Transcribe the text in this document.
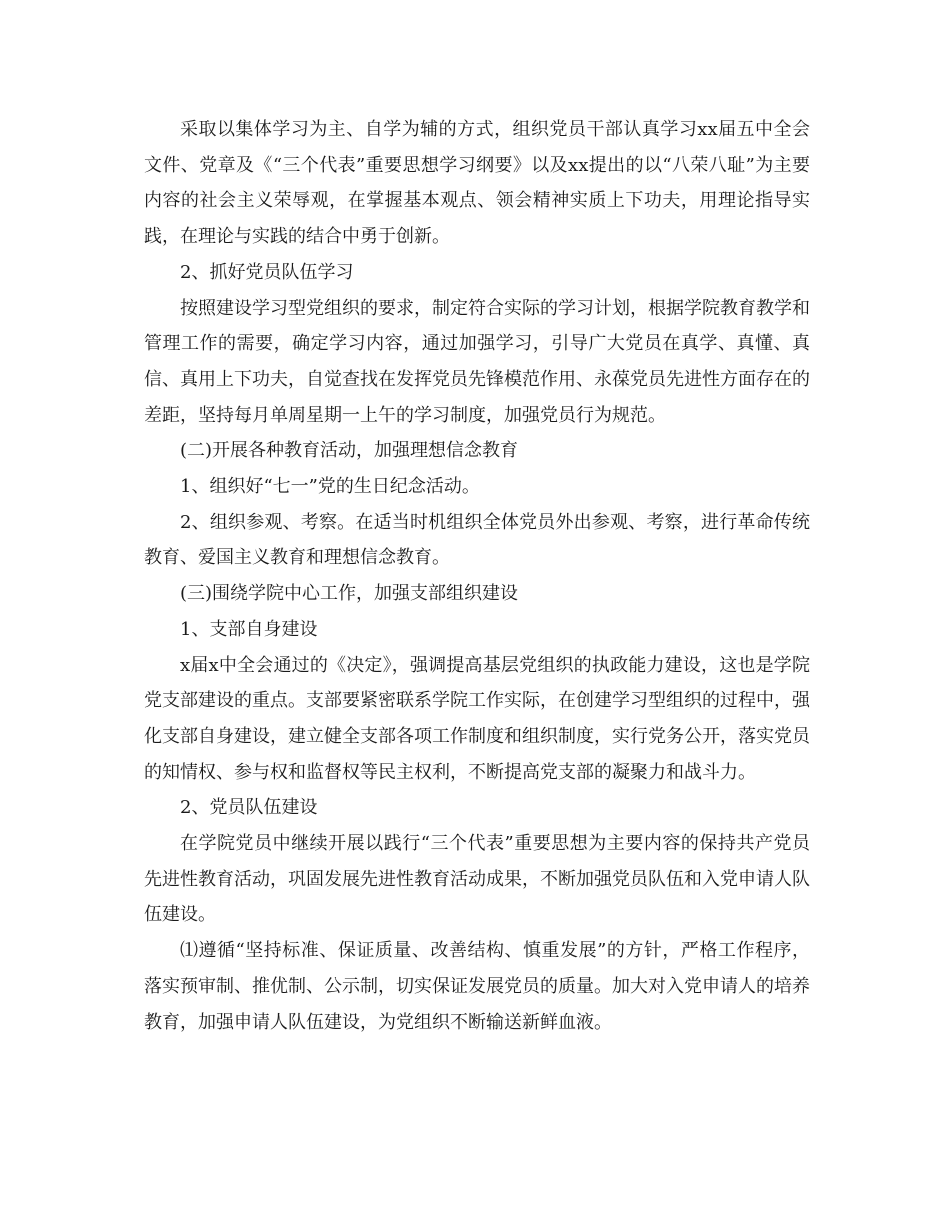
采取以集体学习为主、自学为辅的方式，组织党员干部认真学习xx届五中全会文件、党章及《“三个代表”重要思想学习纲要》以及xx提出的以“八荣八耻”为主要内容的社会主义荣辱观，在掌握基本观点、领会精神实质上下功夫，用理论指导实践，在理论与实践的结合中勇于创新。

2、抓好党员队伍学习

按照建设学习型党组织的要求，制定符合实际的学习计划，根据学院教育教学和管理工作的需要，确定学习内容，通过加强学习，引导广大党员在真学、真懂、真信、真用上下功夫，自觉查找在发挥党员先锋模范作用、永葆党员先进性方面存在的差距，坚持每月单周星期一上午的学习制度，加强党员行为规范。

(二)开展各种教育活动，加强理想信念教育

1、组织好“七一”党的生日纪念活动。

2、组织参观、考察。在适当时机组织全体党员外出参观、考察，进行革命传统教育、爱国主义教育和理想信念教育。

(三)围绕学院中心工作，加强支部组织建设

1、支部自身建设

x届x中全会通过的《决定》，强调提高基层党组织的执政能力建设，这也是学院党支部建设的重点。支部要紧密联系学院工作实际，在创建学习型组织的过程中，强化支部自身建设，建立健全支部各项工作制度和组织制度，实行党务公开，落实党员的知情权、参与权和监督权等民主权利，不断提高党支部的凝聚力和战斗力。

2、党员队伍建设

在学院党员中继续开展以践行“三个代表”重要思想为主要内容的保持共产党员先进性教育活动，巩固发展先进性教育活动成果，不断加强党员队伍和入党申请人队伍建设。

⑴遵循“坚持标准、保证质量、改善结构、慎重发展”的方针，严格工作程序，落实预审制、推优制、公示制，切实保证发展党员的质量。加大对入党申请人的培养教育，加强申请人队伍建设，为党组织不断输送新鲜血液。
